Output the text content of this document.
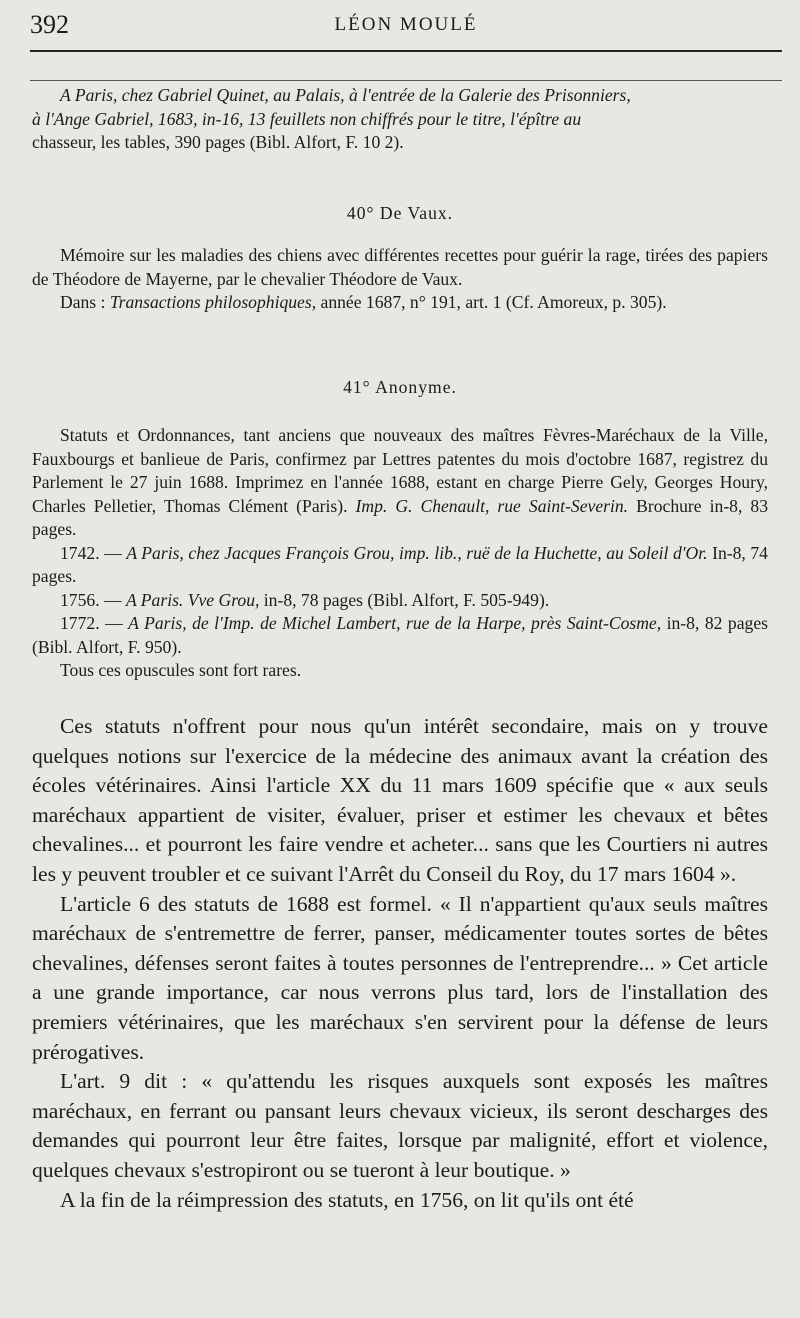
392	LÉON MOULÉ

A Paris, chez Gabriel Quinet, au Palais, à l'entrée de la Galerie des Prisonniers,

à l'Ange Gabriel, 1683, in-16, 13 feuillets non chiffrés pour le titre, l'épître au

chasseur, les tables, 390 pages (Bibl. Alfort, F. 10 2).

40° De Vaux.

Mémoire sur les maladies des chiens avec différentes recettes pour guérir la rage, tirées des papiers de Théodore de Mayerne, par le chevalier Théodore de Vaux.

Dans : Transactions philosophiques, année 1687, n° 191, art. 1 (Cf. Amoreux, p. 305).

41° Anonyme.

Statuts et Ordonnances, tant anciens que nouveaux des maîtres Fèvres-Maréchaux de la Ville, Fauxbourgs et banlieue de Paris, confirmez par Lettres patentes du mois d'octobre 1687, registrez du Parlement le 27 juin 1688. Imprimez en l'année 1688, estant en charge Pierre Gely, Georges Houry, Charles Pelletier, Thomas Clément (Paris). Imp. G. Chenault, rue Saint-Severin. Brochure in-8, 83 pages.

1742. — A Paris, chez Jacques François Grou, imp. lib., ruë de la Huchette, au Soleil d'Or. In-8, 74 pages.

1756. — A Paris. Vve Grou, in-8, 78 pages (Bibl. Alfort, F. 505-949).

1772. — A Paris, de l'Imp. de Michel Lambert, rue de la Harpe, près Saint-Cosme, in-8, 82 pages (Bibl. Alfort, F. 950).

Tous ces opuscules sont fort rares.

Ces statuts n'offrent pour nous qu'un intérêt secondaire, mais on y trouve quelques notions sur l'exercice de la médecine des animaux avant la création des écoles vétérinaires. Ainsi l'article XX du 11 mars 1609 spécifie que « aux seuls maréchaux appartient de visiter, évaluer, priser et estimer les chevaux et bêtes chevalines... et pourront les faire vendre et acheter... sans que les Courtiers ni autres les y peuvent troubler et ce suivant l'Arrêt du Conseil du Roy, du 17 mars 1604 ».

L'article 6 des statuts de 1688 est formel. « Il n'appartient qu'aux seuls maîtres maréchaux de s'entremettre de ferrer, panser, médicamenter toutes sortes de bêtes chevalines, défenses seront faites à toutes personnes de l'entreprendre... » Cet article a une grande importance, car nous verrons plus tard, lors de l'installation des premiers vétérinaires, que les maréchaux s'en servirent pour la défense de leurs prérogatives.

L'art. 9 dit : « qu'attendu les risques auxquels sont exposés les maîtres maréchaux, en ferrant ou pansant leurs chevaux vicieux, ils seront descharges des demandes qui pourront leur être faites, lorsque par malignité, effort et violence, quelques chevaux s'estropiront ou se tueront à leur boutique. »

A la fin de la réimpression des statuts, en 1756, on lit qu'ils ont été
